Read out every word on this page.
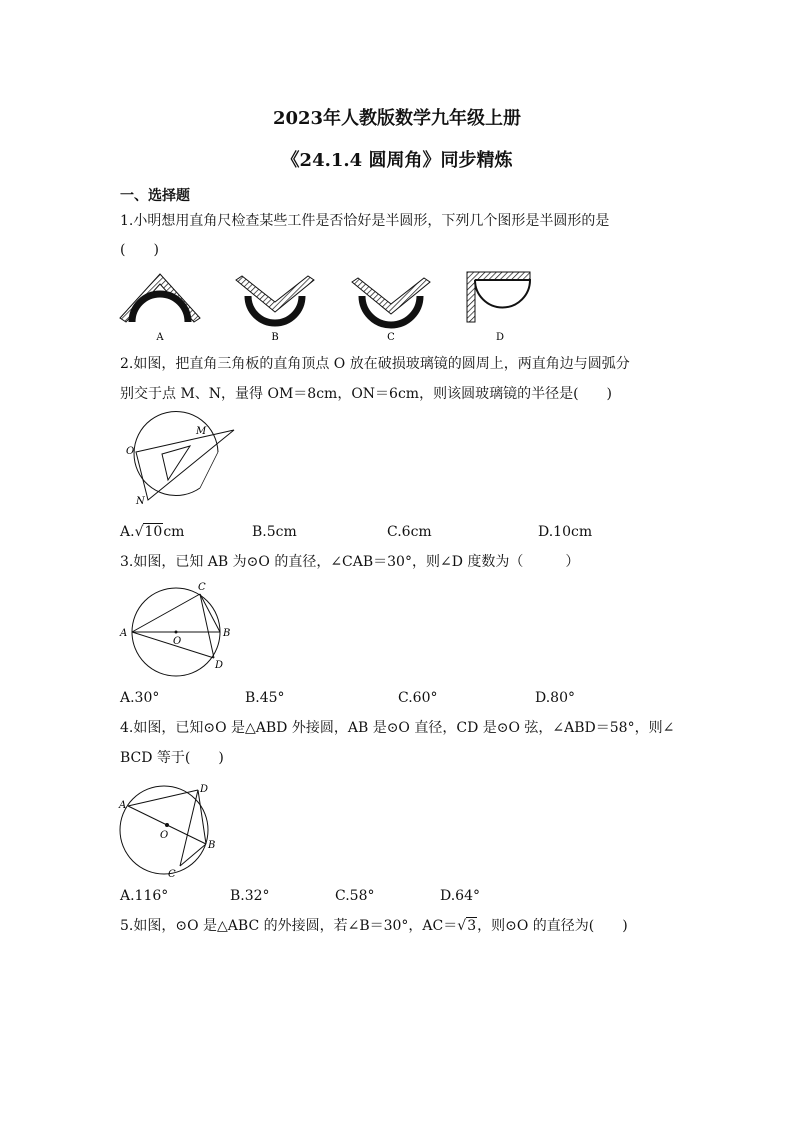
2023年人教版数学九年级上册
《24.1.4 圆周角》同步精炼
一、选择题
1.小明想用直角尺检查某些工件是否恰好是半圆形，下列几个图形是半圆形的是
(　　)
A	B	C	D
2.如图，把直角三角板的直角顶点 O 放在破损玻璃镜的圆周上，两直角边与圆弧分
别交于点 M、N，量得 OM＝8cm，ON＝6cm，则该圆玻璃镜的半径是(　　)
O
M
N
A.√10cm	B.5cm	C.6cm	D.10cm
3.如图，已知 AB 为⊙O 的直径，∠CAB＝30°，则∠D 度数为（　　　）
A	B
C
D
O
A.30°	B.45°	C.60°	D.80°
4.如图，已知⊙O 是△ABD 外接圆，AB 是⊙O 直径，CD 是⊙O 弦，∠ABD＝58°，则∠
BCD 等于(　　)
A
B
C
D
O
A.116°	B.32°	C.58°	D.64°
5.如图，⊙O 是△ABC 的外接圆，若∠B＝30°，AC＝√3，则⊙O 的直径为(　　)
